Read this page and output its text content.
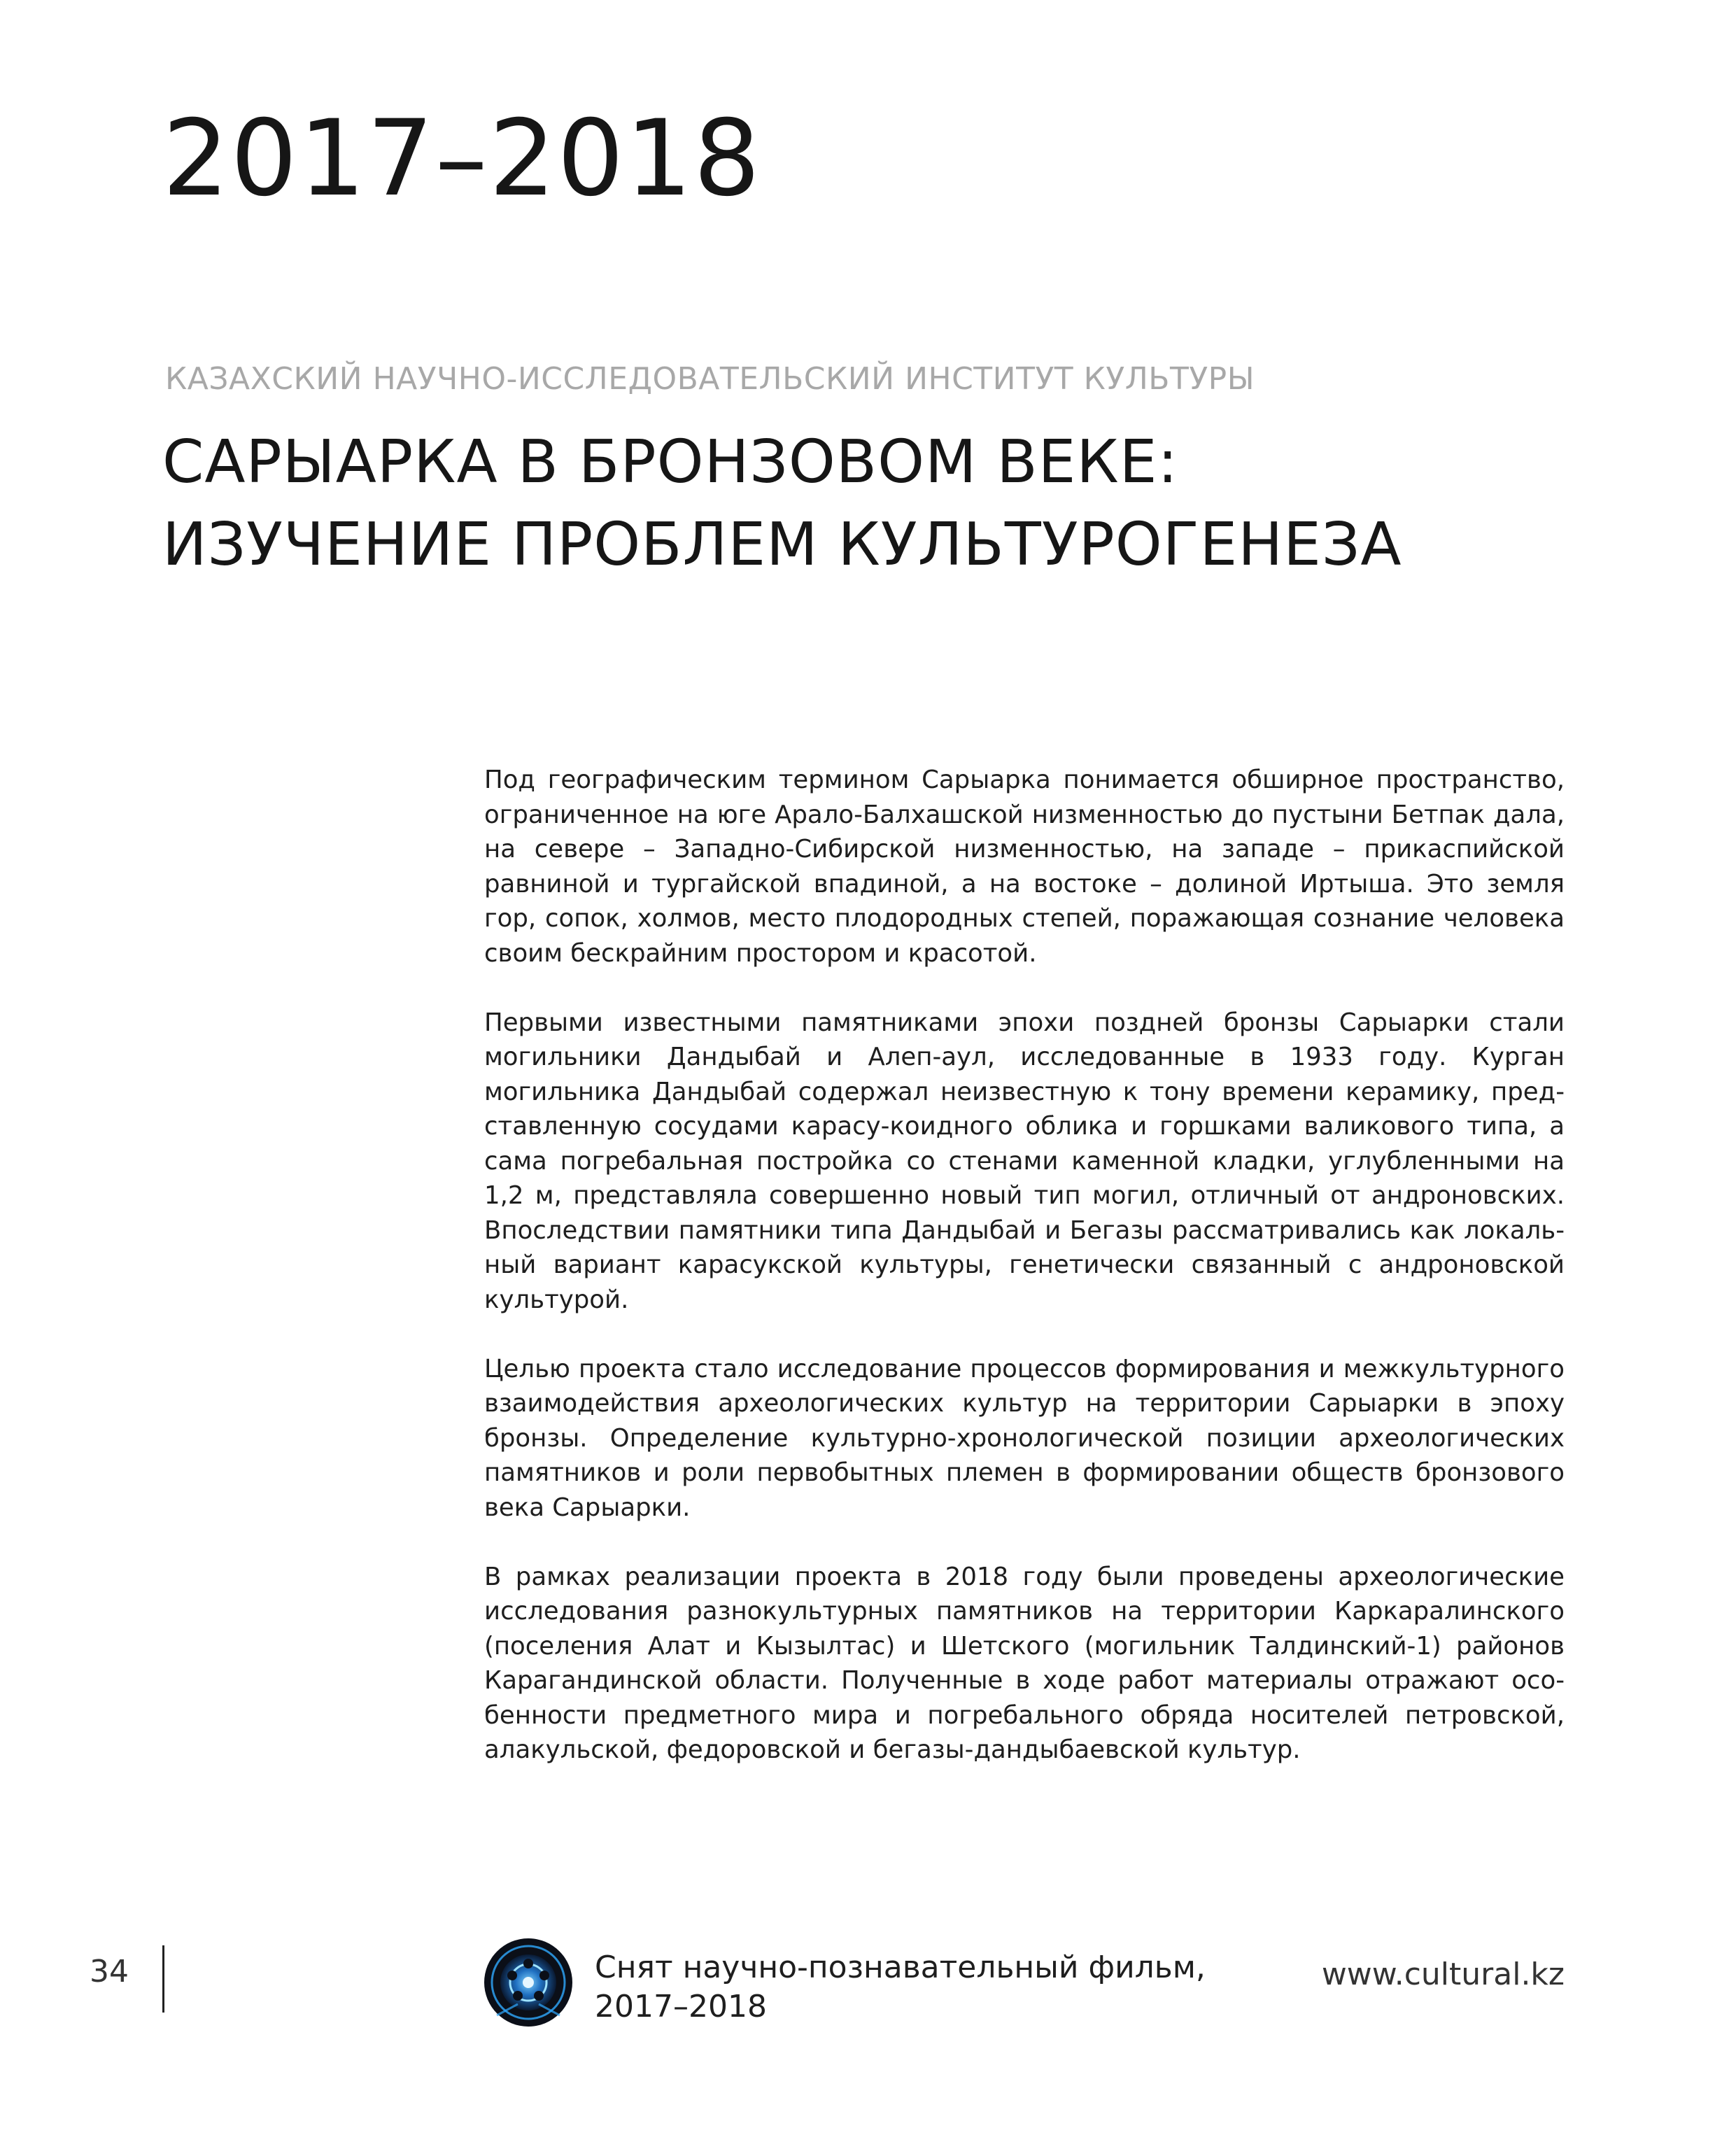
2017–2018
КАЗАХСКИЙ НАУЧНО-ИССЛЕДОВАТЕЛЬСКИЙ ИНСТИТУТ КУЛЬТУРЫ
САРЫАРКА В БРОНЗОВОМ ВЕКЕ:
ИЗУЧЕНИЕ ПРОБЛЕМ КУЛЬТУРОГЕНЕЗА

Под географическим термином Сарыарка понимается обширное пространство, ограниченное на юге Арало-Балхашской низменностью до пустыни Бетпак дала, на севере – Западно-Сибирской низменностью, на западе – прикаспийской равниной и тургайской впадиной, а на востоке – долиной Иртыша. Это земля гор, сопок, холмов, место плодородных степей, поражающая сознание человека своим бескрайним простором и красотой.

Первыми известными памятниками эпохи поздней бронзы Сарыарки стали могильники Дандыбай и Алеп-аул, исследованные в 1933 году. Курган могильника Дандыбай содержал неизвестную к тону времени керамику, представленную сосудами карасу-коидного облика и горшками валикового типа, а сама погребальная постройка со стенами каменной кладки, углубленными на 1,2 м, представляла совершенно новый тип могил, отличный от андроновских. Впоследствии памятники типа Дандыбай и Бегазы рассматривались как локальный вариант карасукской культуры, генетически связанный с андроновской культурой.

Целью проекта стало исследование процессов формирования и межкультурного взаимодействия археологических культур на территории Сарыарки в эпоху бронзы. Определение культурно-хронологической позиции археологических памятников и роли первобытных племен в формировании обществ бронзового века Сарыарки.

В рамках реализации проекта в 2018 году были проведены археологические исследования разнокультурных памятников на территории Каркаралинского (поселения Алат и Кызылтас) и Шетского (могильник Талдинский-1) районов Карагандинской области. Полученные в ходе работ материалы отражают особенности предметного мира и погребального обряда носителей петровской, алакульской, федоровской и бегазы-дандыбаевской культур.

34	Снят научно-познавательный фильм,
2017–2018
www.cultural.kz
